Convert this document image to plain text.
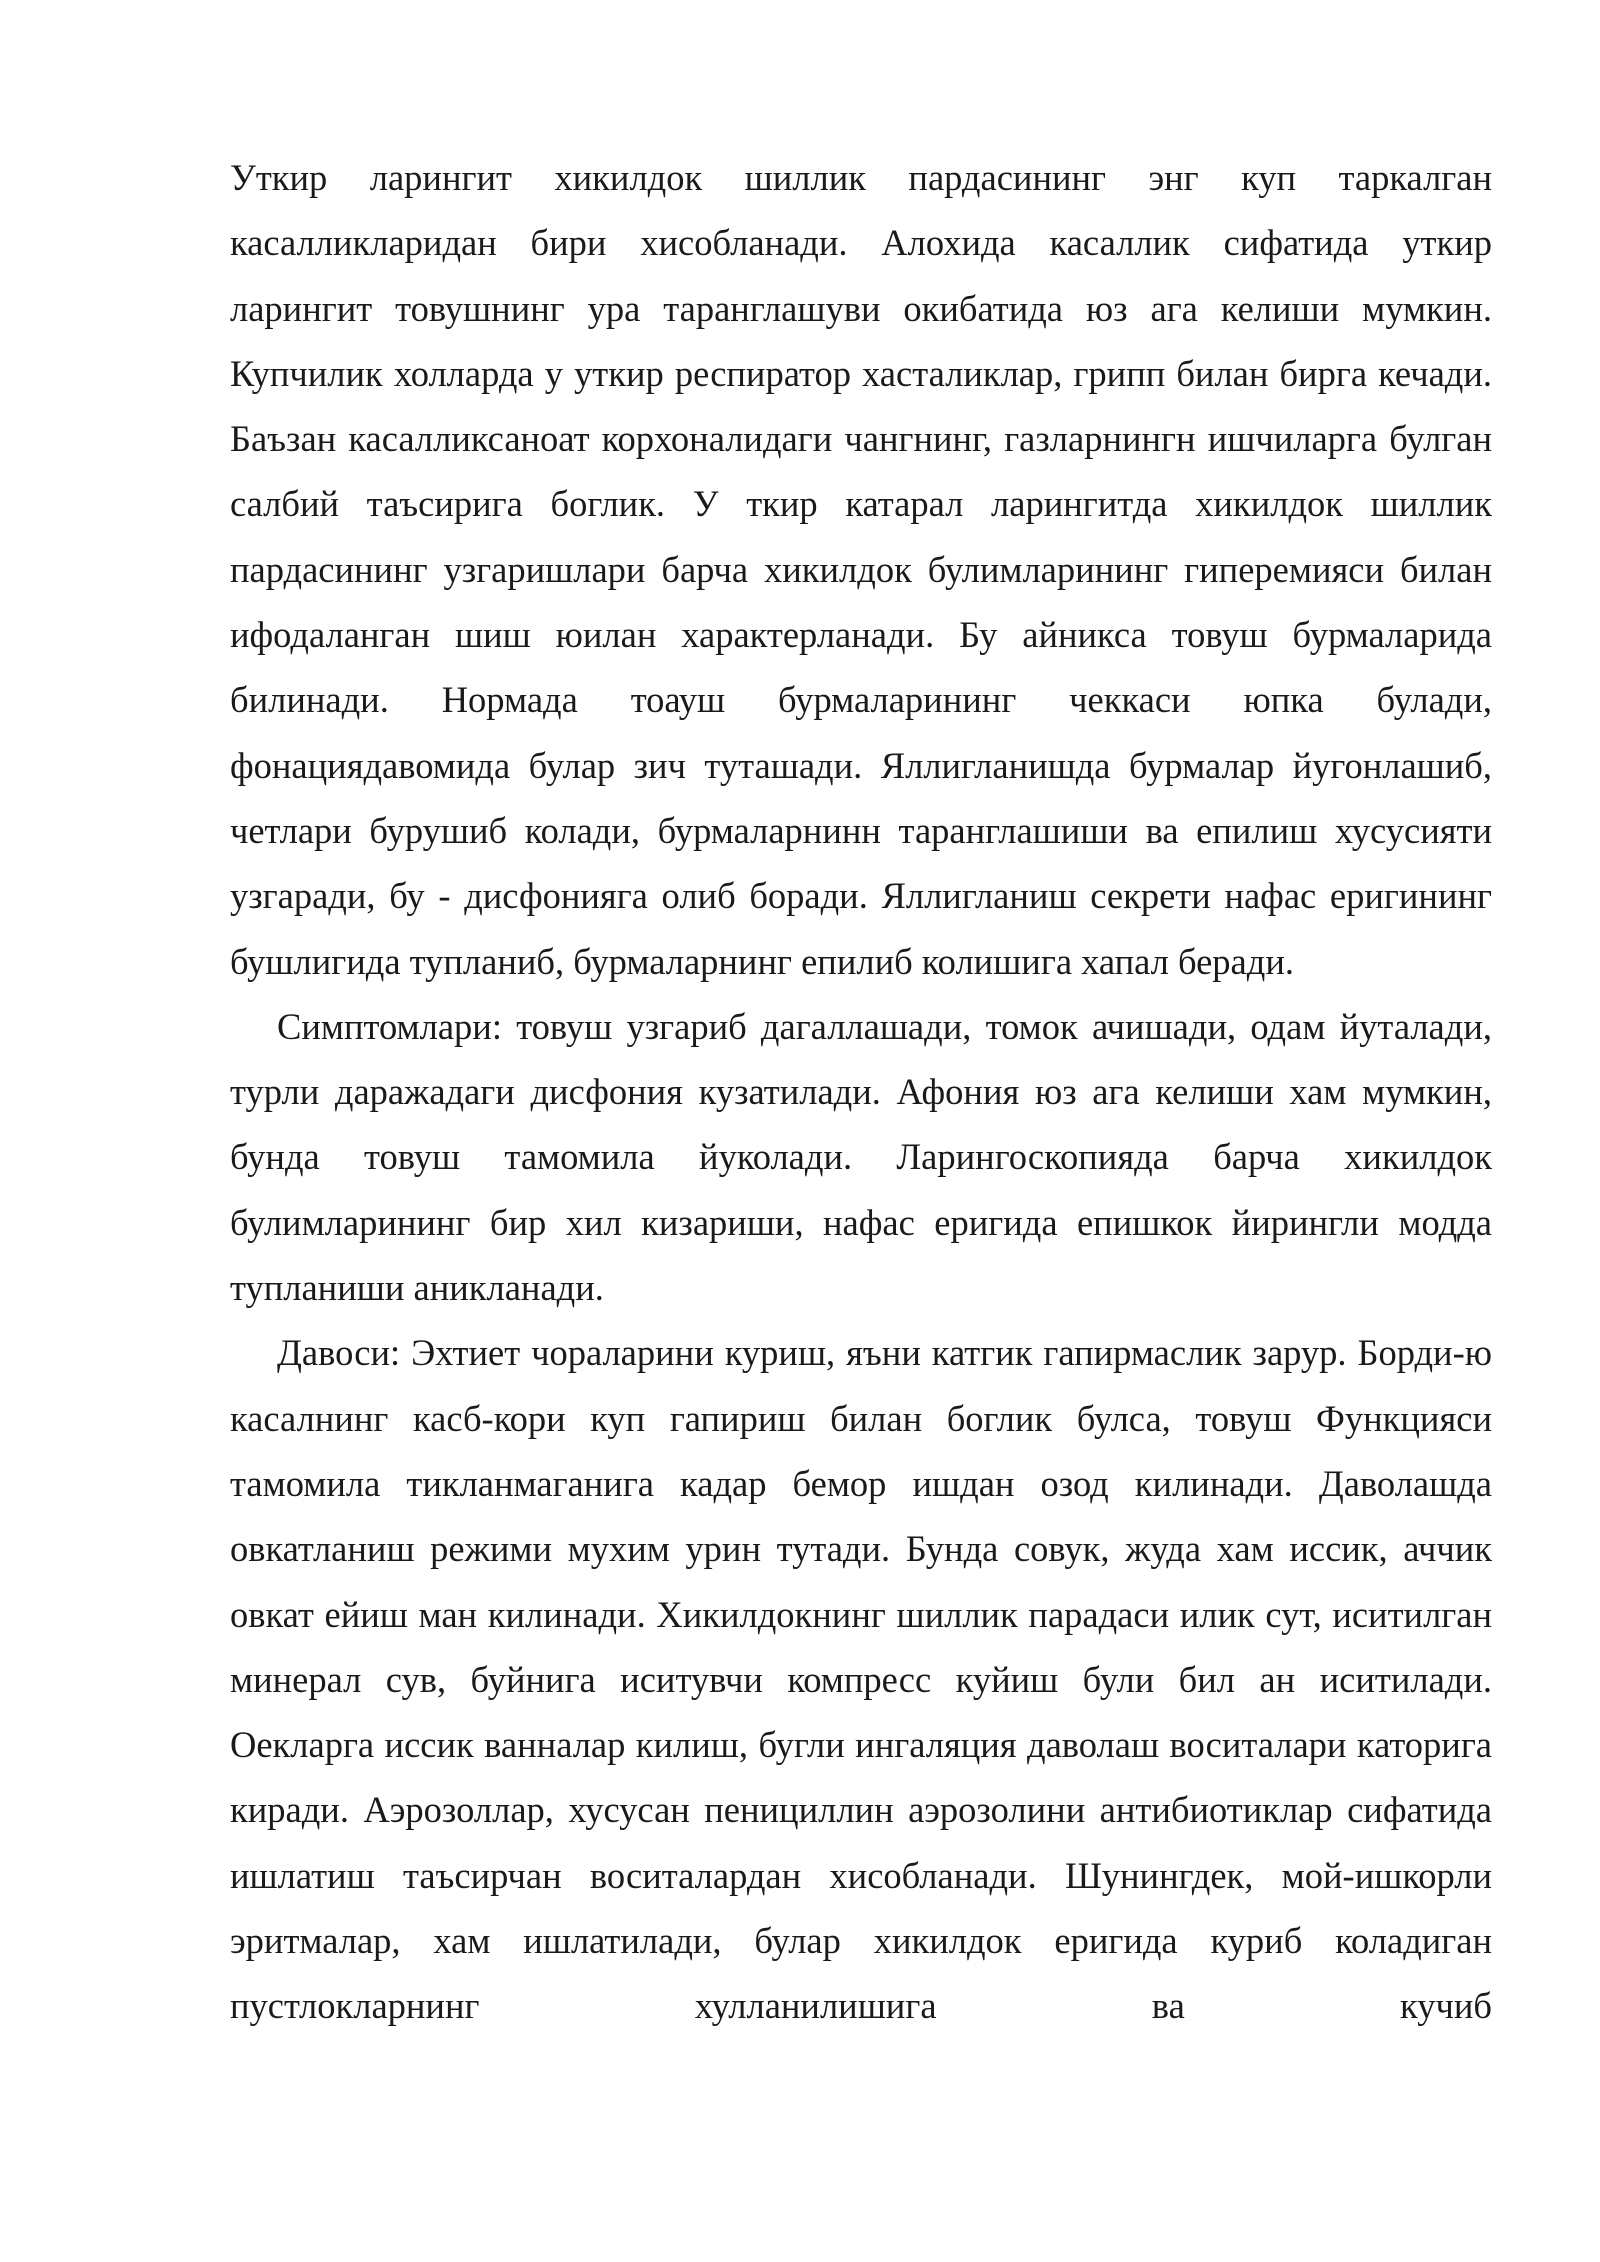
Уткир ларингит хикилдок шиллик пардасининг энг куп таркалган касалликларидан бири хисобланади. Алохида касаллик сифатида уткир ларингит товушнинг ура таранглашуви окибатида юз ага келиши мумкин. Купчилик холларда у уткир респиратор хасталиклар, грипп билан бирга кечади. Баъзан касалликсаноат корхоналидаги чангнинг, газларнингн ишчиларга булган салбий таъсирига боглик. У ткир катарал ларингитда хикилдок шиллик пардасининг узгаришлари барча хикилдок булимларининг гиперемияси билан ифодаланган шиш юилан характерланади. Бу айникса товуш бурмаларида билинади. Нормада тоауш бурмаларининг чеккаси юпка булади, фонациядавомида булар зич туташади. Яллигланишда бурмалар йугонлашиб, четлари бурушиб колади, бурмаларнинн таранглашиши ва епилиш хусусияти узгаради, бу - дисфонияга олиб боради. Яллигланиш секрети нафас еригининг бушлигида тупланиб, бурмаларнинг епилиб колишига хапал беради.

Симптомлари: товуш узгариб дагаллашади, томок ачишади, одам йуталади, турли даражадаги дисфония кузатилади. Афония юз ага келиши хам мумкин, бунда товуш тамомила йуколади. Ларингоскопияда барча хикилдок булимларининг бир хил кизариши, нафас еригида епишкок йирингли модда тупланиши аникланади.

Давоси: Эхтиет чораларини куриш, яъни катгик гапирмаслик зарур. Борди-ю касалнинг касб-кори куп гапириш билан боглик булса, товуш Функцияси тамомила тикланмаганига кадар бемор ишдан озод килинади. Даволашда овкатланиш режими мухим урин тутади. Бунда совук, жуда хам иссик, аччик овкат ейиш ман килинади. Хикилдокнинг шиллик парадаси илик сут, иситилган минерал сув, буйнига иситувчи компресс куйиш були бил ан иситилади. Оекларга иссик ванналар килиш, бугли ингаляция даволаш воситалари каторига киради. Аэрозоллар, хусусан пенициллин аэрозолини антибиотиклар сифатида ишлатиш таъсирчан воситалардан хисобланади. Шунингдек, мой-ишкорли эритмалар, хам ишлатилади, булар хикилдок еригида куриб коладиган пустлокларнинг хулланилишига ва кучиб
